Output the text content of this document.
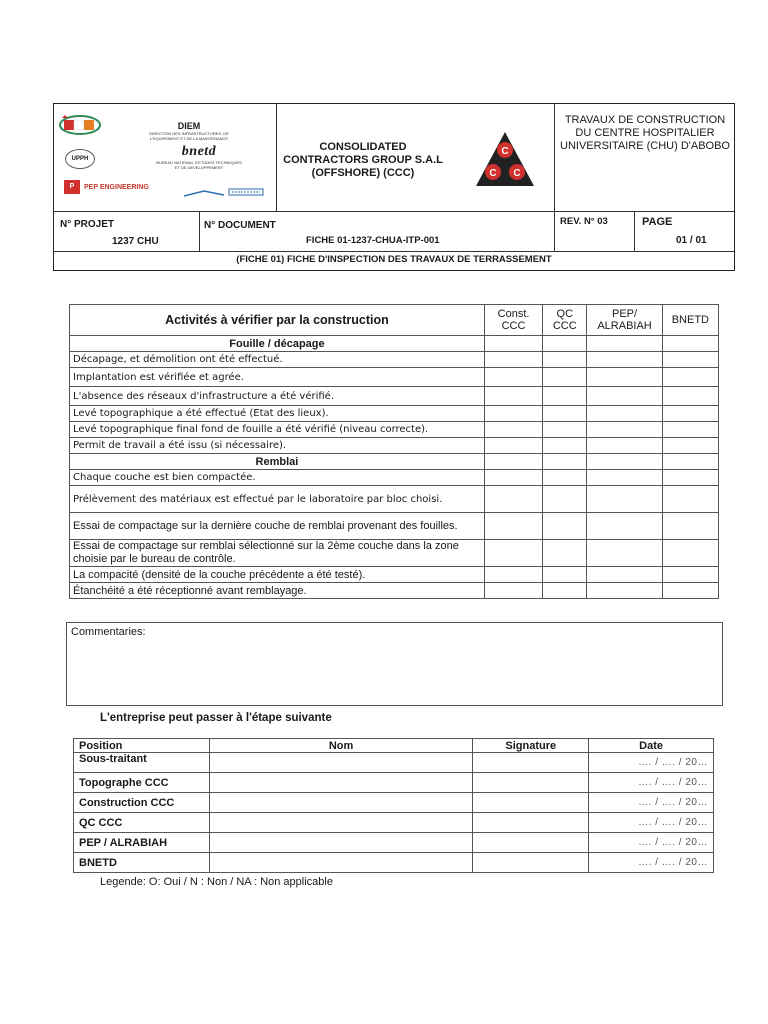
DIEM
DIRECTION DES INFRASTRUCTURES, DE L'EQUIPEMENT ET DE LA MAINTENANCE
UPPH	bnetd
BUREAU NATIONAL D'ETUDES TECHNIQUES ET DE DEVELOPPEMENT
P	PEP ENGINEERING
CONSOLIDATED CONTRACTORS GROUP S.A.L (OFFSHORE) (CCC)
C
C C
TRAVAUX DE CONSTRUCTION DU CENTRE HOSPITALIER UNIVERSITAIRE (CHU) D'ABOBO
N° PROJET
1237 CHU
N° DOCUMENT
FICHE 01-1237-CHUA-ITP-001
REV. N° 03	PAGE
01 / 01
(FICHE 01) FICHE D'INSPECTION DES TRAVAUX DE TERRASSEMENT
Activités à vérifier par la construction	Const. CCC	QC CCC	PEP/ ALRABIAH	BNETD
Fouille / décapage				
Décapage, et démolition ont été effectué.				
Implantation est vérifiée et agrée.				
L'absence des réseaux d'infrastructure a été vérifié.				
Levé topographique a été effectué (Etat des lieux).				
Levé topographique final fond de fouille a été vérifié (niveau correcte).				
Permit de travail a été issu (si nécessaire).				
Remblai				
Chaque couche est bien compactée.				
Prélèvement des matériaux est effectué par le laboratoire par bloc choisi.				
Essai de compactage sur la dernière couche de remblai provenant des fouilles.				
Essai de compactage sur remblai sélectionné sur la 2ème couche dans la zone choisie par le bureau de contrôle.				
La compacité (densité de la couche précédente a été testé).				
Étanchéité a été réceptionné avant remblayage.				
Commentaries:
L'entreprise peut passer à l'étape suivante
Position	Nom	Signature	Date
Sous-traitant			…. / …. / 20…
Topographe CCC			…. / …. / 20…
Construction CCC			…. / …. / 20…
QC CCC			…. / …. / 20…
PEP / ALRABIAH			…. / …. / 20…
BNETD			…. / …. / 20…
Legende: O: Oui / N : Non / NA : Non applicable
